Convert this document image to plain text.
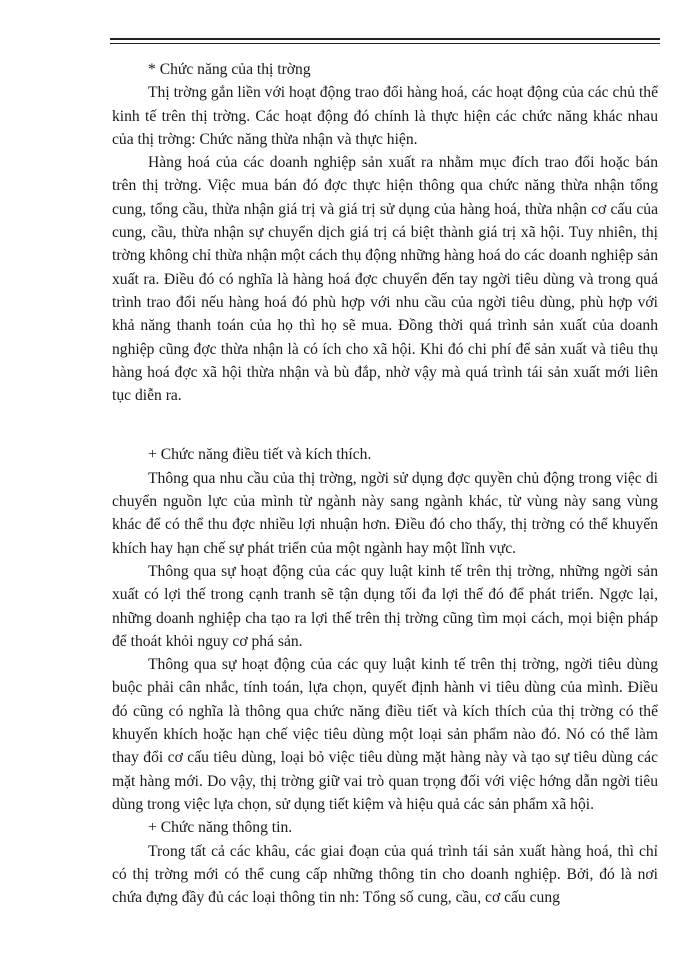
* Chức năng của thị trờng

Thị trờng gắn liền với hoạt động trao đổi hàng hoá, các hoạt động của các chủ thể kinh tế trên thị trờng. Các hoạt động đó chính là thực hiện các chức năng khác nhau của thị trờng: Chức năng thừa nhận và thực hiện.

Hàng hoá của các doanh nghiệp sản xuất ra nhằm mục đích trao đổi hoặc bán trên thị trờng. Việc mua bán đó đợc thực hiện thông qua chức năng thừa nhận tổng cung, tổng cầu, thừa nhận giá trị và giá trị sử dụng của hàng hoá, thừa nhận cơ cấu của cung, cầu, thừa nhận sự chuyển dịch giá trị cá biệt thành giá trị xã hội. Tuy nhiên, thị trờng không chỉ thừa nhận một cách thụ động những hàng hoá do các doanh nghiệp sản xuất ra. Điều đó có nghĩa là hàng hoá đợc chuyển đến tay ngời tiêu dùng và trong quá trình trao đổi nếu hàng hoá đó phù hợp với nhu cầu của ngời tiêu dùng, phù hợp với khả năng thanh toán của họ thì họ sẽ mua. Đồng thời quá trình sản xuất của doanh nghiệp cũng đợc thừa nhận là có ích cho xã hội. Khi đó chi phí để sản xuất và tiêu thụ hàng hoá đợc xã hội thừa nhận và bù đắp, nhờ vậy mà quá trình tái sản xuất mới liên tục diễn ra.

+ Chức năng điều tiết và kích thích.

Thông qua nhu cầu của thị trờng, ngời sử dụng đợc quyền chủ động trong việc di chuyển nguồn lực của mình từ ngành này sang ngành khác, từ vùng này sang vùng khác để có thể thu đợc nhiều lợi nhuận hơn. Điều đó cho thấy, thị trờng có thể khuyến khích hay hạn chế sự phát triển của một ngành hay một lĩnh vực.

Thông qua sự hoạt động của các quy luật kinh tế trên thị trờng, những ngời sản xuất có lợi thế trong cạnh tranh sẽ tận dụng tối đa lợi thế đó để phát triển. Ngợc lại, những doanh nghiệp cha tạo ra lợi thế trên thị trờng cũng tìm mọi cách, mọi biện pháp để thoát khỏi nguy cơ phá sản.

Thông qua sự hoạt động của các quy luật kinh tế trên thị trờng, ngời tiêu dùng buộc phải cân nhắc, tính toán, lựa chọn, quyết định hành vi tiêu dùng của mình. Điều đó cũng có nghĩa là thông qua chức năng điều tiết và kích thích của thị trờng có thể khuyến khích hoặc hạn chế việc tiêu dùng một loại sản phẩm nào đó. Nó có thể làm thay đổi cơ cấu tiêu dùng, loại bỏ việc tiêu dùng mặt hàng này và tạo sự tiêu dùng các mặt hàng mới. Do vậy, thị trờng giữ vai trò quan trọng đối với việc hớng dẫn ngời tiêu dùng trong việc lựa chọn, sử dụng tiết kiệm và hiệu quả các sản phẩm xã hội.

+ Chức năng thông tin.

Trong tất cả các khâu, các giai đoạn của quá trình tái sản xuất hàng hoá, thì chỉ có thị trờng mới có thể cung cấp những thông tin cho doanh nghiệp. Bởi, đó là nơi chứa đựng đầy đủ các loại thông tin nh: Tổng số cung, cầu, cơ cấu cung
